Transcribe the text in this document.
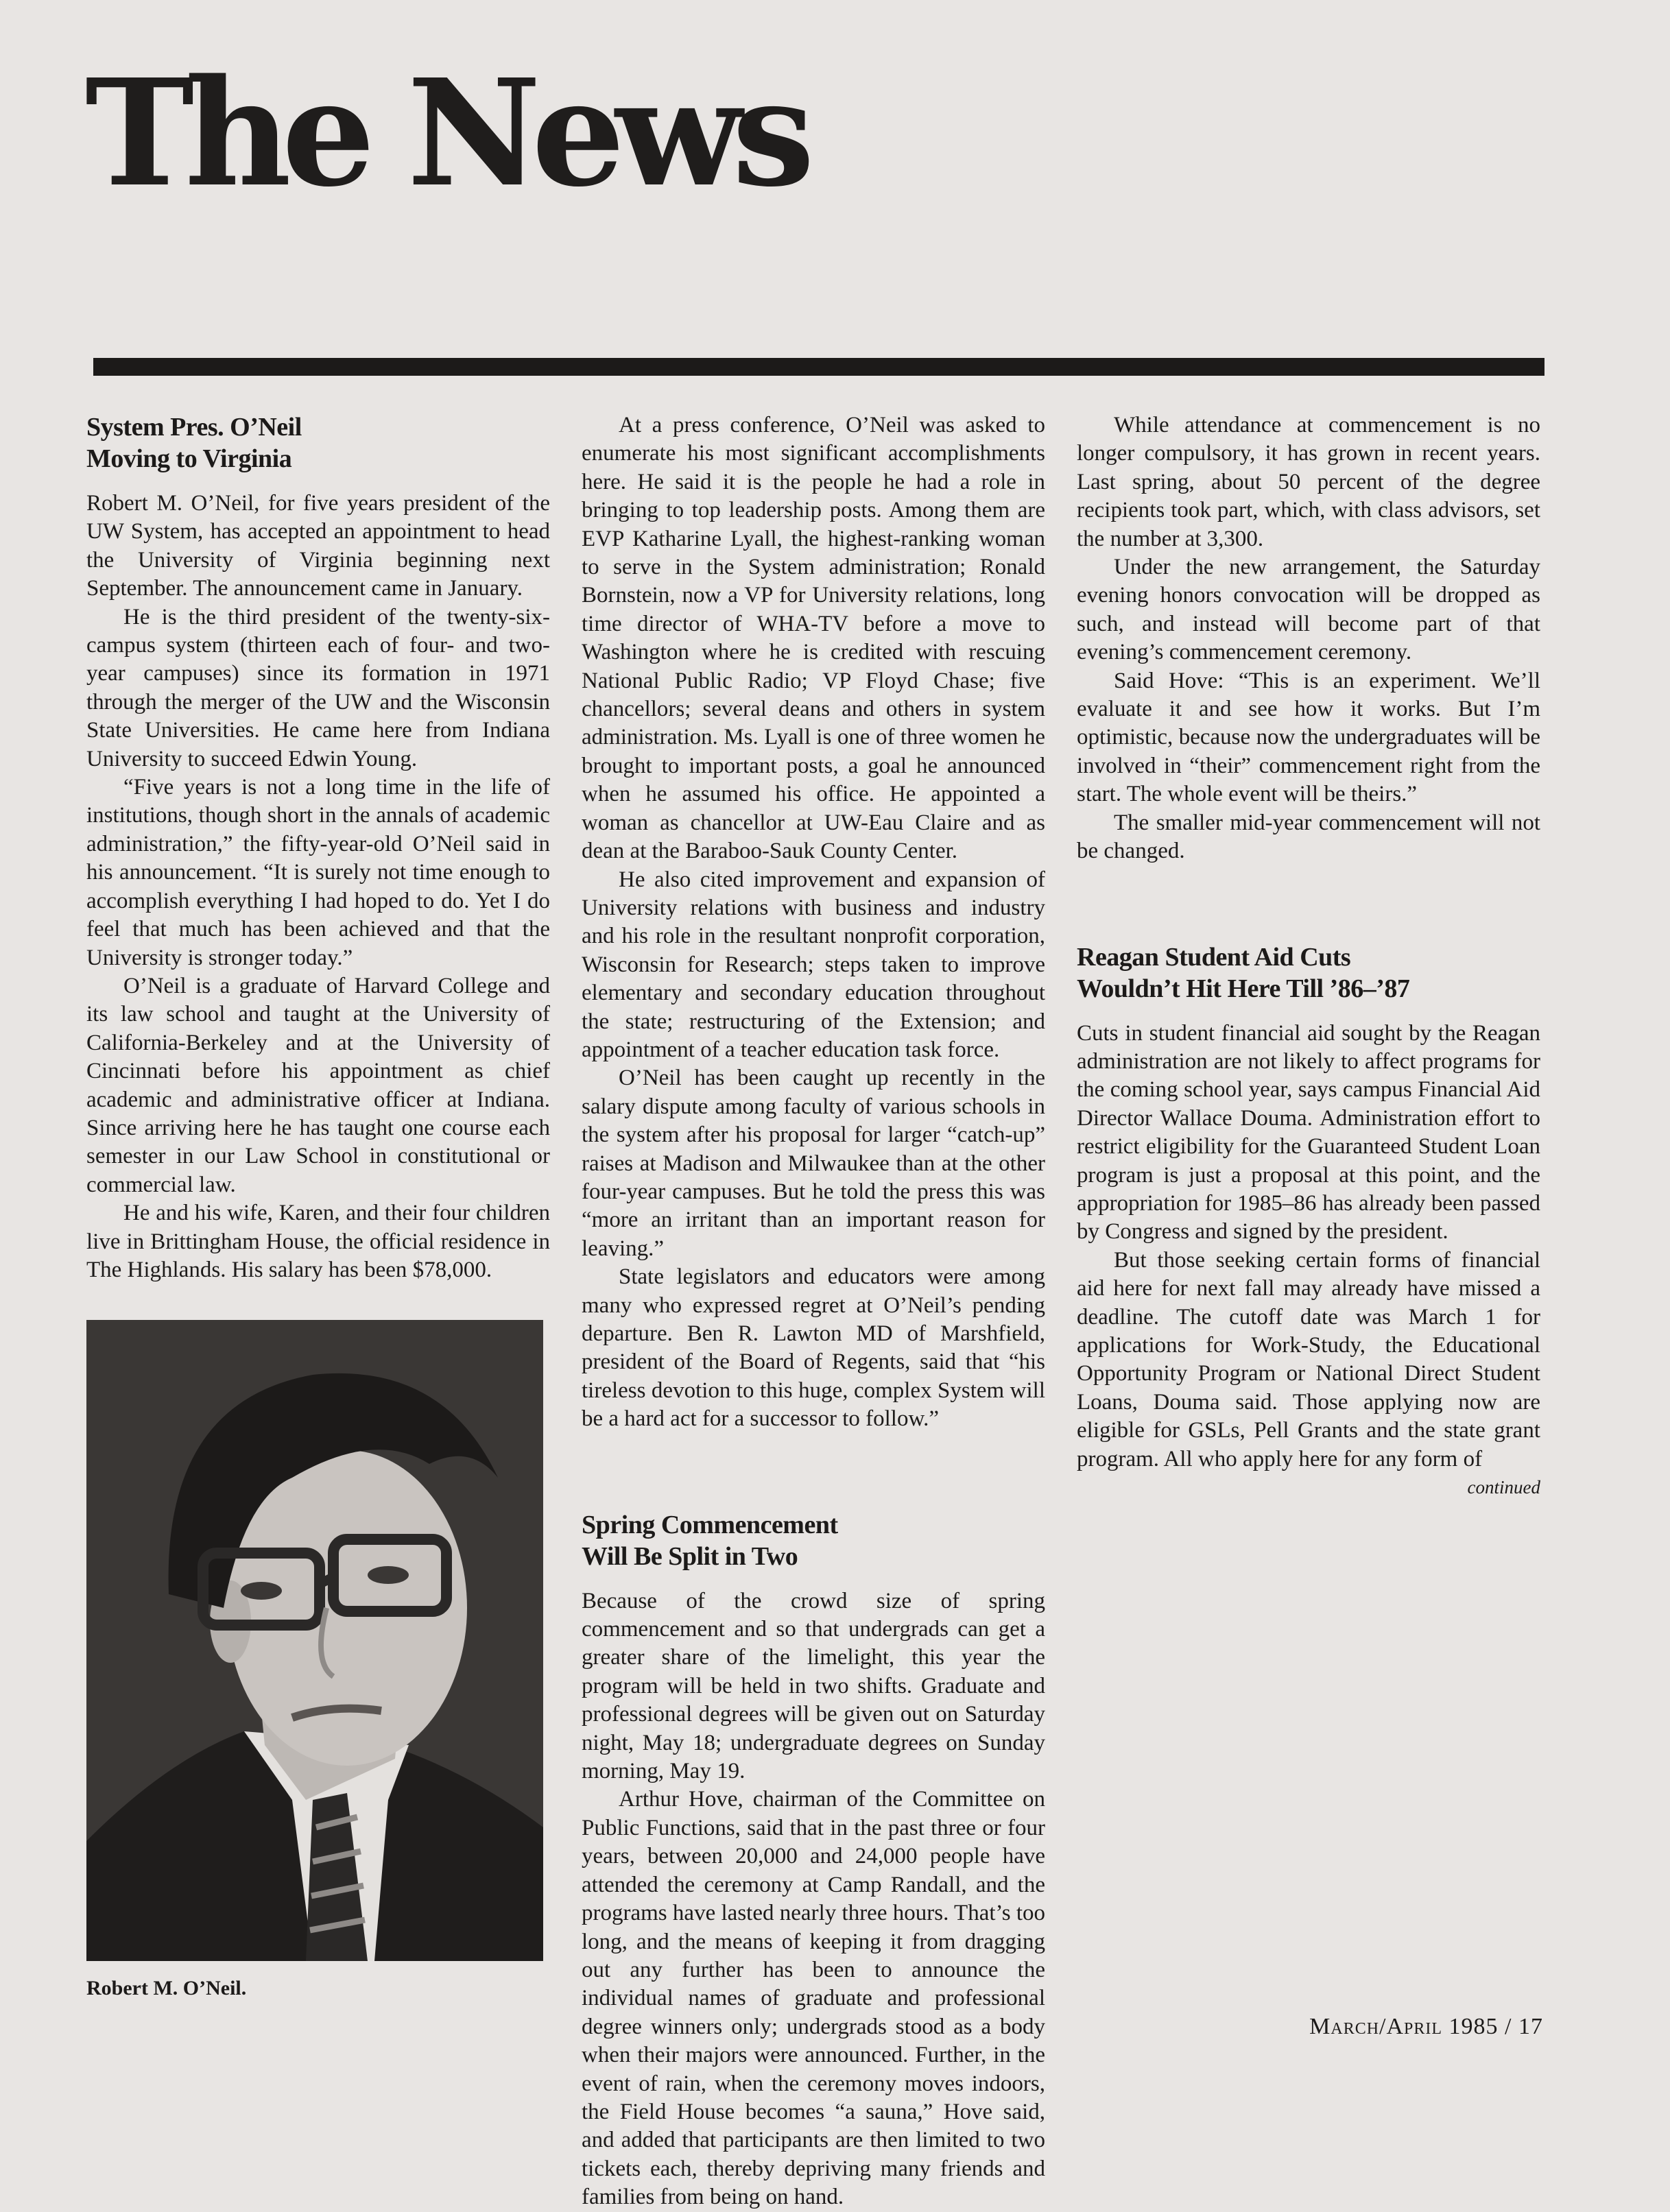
The News
System Pres. O’Neil
Moving to Virginia

Robert M. O’Neil, for five years president of the UW System, has accepted an appointment to head the University of Virginia beginning next September. The announcement came in January.

He is the third president of the twenty-six-campus system (thirteen each of four- and two-year campuses) since its formation in 1971 through the merger of the UW and the Wisconsin State Universities. He came here from Indiana University to succeed Edwin Young.

“Five years is not a long time in the life of institutions, though short in the annals of academic administration,” the fifty-year-old O’Neil said in his announcement. “It is surely not time enough to accomplish everything I had hoped to do. Yet I do feel that much has been achieved and that the University is stronger today.”

O’Neil is a graduate of Harvard College and its law school and taught at the University of California-Berkeley and at the University of Cincinnati before his appointment as chief academic and administrative officer at Indiana. Since arriving here he has taught one course each semester in our Law School in constitutional or commercial law.

He and his wife, Karen, and their four children live in Brittingham House, the official residence in The Highlands. His salary has been $78,000.

Robert M. O’Neil.

At a press conference, O’Neil was asked to enumerate his most significant accomplishments here. He said it is the people he had a role in bringing to top leadership posts. Among them are EVP Katharine Lyall, the highest-ranking woman to serve in the System administration; Ronald Bornstein, now a VP for University relations, long time director of WHA-TV before a move to Washington where he is credited with rescuing National Public Radio; VP Floyd Chase; five chancellors; several deans and others in system administration. Ms. Lyall is one of three women he brought to important posts, a goal he announced when he assumed his office. He appointed a woman as chancellor at UW-Eau Claire and as dean at the Baraboo-Sauk County Center.

He also cited improvement and expansion of University relations with business and industry and his role in the resultant nonprofit corporation, Wisconsin for Research; steps taken to improve elementary and secondary education throughout the state; restructuring of the Extension; and appointment of a teacher education task force.

O’Neil has been caught up recently in the salary dispute among faculty of various schools in the system after his proposal for larger “catch-up” raises at Madison and Milwaukee than at the other four-year campuses. But he told the press this was “more an irritant than an important reason for leaving.”

State legislators and educators were among many who expressed regret at O’Neil’s pending departure. Ben R. Lawton MD of Marshfield, president of the Board of Regents, said that “his tireless devotion to this huge, complex System will be a hard act for a successor to follow.”

Spring Commencement
Will Be Split in Two

Because of the crowd size of spring commencement and so that undergrads can get a greater share of the limelight, this year the program will be held in two shifts. Graduate and professional degrees will be given out on Saturday night, May 18; undergraduate degrees on Sunday morning, May 19.

Arthur Hove, chairman of the Committee on Public Functions, said that in the past three or four years, between 20,000 and 24,000 people have attended the ceremony at Camp Randall, and the programs have lasted nearly three hours. That’s too long, and the means of keeping it from dragging out any further has been to announce the individual names of graduate and professional degree winners only; undergrads stood as a body when their majors were announced. Further, in the event of rain, when the ceremony moves indoors, the Field House becomes “a sauna,” Hove said, and added that participants are then limited to two tickets each, thereby depriving many friends and families from being on hand.

While attendance at commencement is no longer compulsory, it has grown in recent years. Last spring, about 50 percent of the degree recipients took part, which, with class advisors, set the number at 3,300.

Under the new arrangement, the Saturday evening honors convocation will be dropped as such, and instead will become part of that evening’s commencement ceremony.

Said Hove: “This is an experiment. We’ll evaluate it and see how it works. But I’m optimistic, because now the undergraduates will be involved in “their” commencement right from the start. The whole event will be theirs.”

The smaller mid-year commencement will not be changed.

Reagan Student Aid Cuts
Wouldn’t Hit Here Till ’86–’87

Cuts in student financial aid sought by the Reagan administration are not likely to affect programs for the coming school year, says campus Financial Aid Director Wallace Douma. Administration effort to restrict eligibility for the Guaranteed Student Loan program is just a proposal at this point, and the appropriation for 1985–86 has already been passed by Congress and signed by the president.

But those seeking certain forms of financial aid here for next fall may already have missed a deadline. The cutoff date was March 1 for applications for Work-Study, the Educational Opportunity Program or National Direct Student Loans, Douma said. Those applying now are eligible for GSLs, Pell Grants and the state grant program. All who apply here for any form of

continued
March/April 1985 / 17
